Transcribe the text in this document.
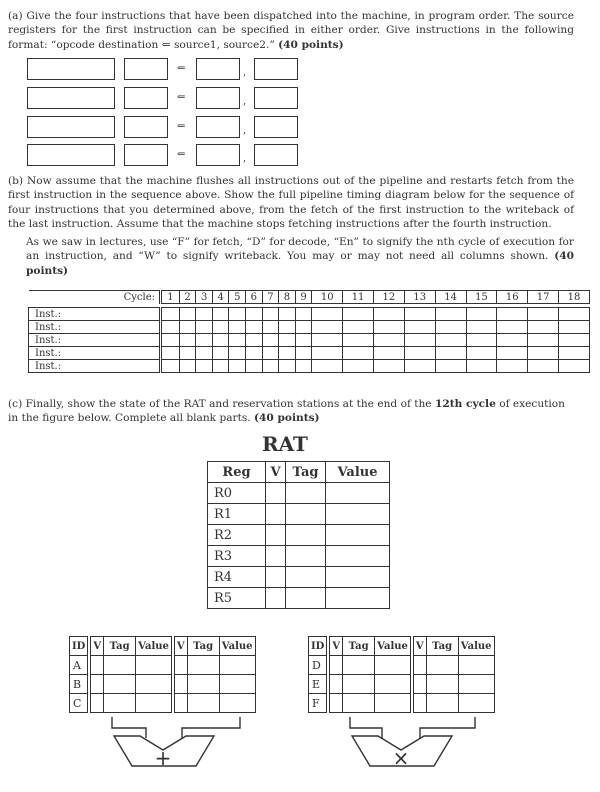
(a) Give the four instructions that have been dispatched into the machine, in program order. The source registers for the first instruction can be specified in either order. Give instructions in the following format: “opcode destination ⇐ source1, source2.” (40 points)

⇐	,
⇐	,
⇐	,
⇐	,

(b) Now assume that the machine flushes all instructions out of the pipeline and restarts fetch from the first instruction in the sequence above. Show the full pipeline timing diagram below for the sequence of four instructions that you determined above, from the fetch of the first instruction to the writeback of the last instruction. Assume that the machine stops fetching instructions after the fourth instruction.

As we saw in lectures, use “F” for fetch, “D” for decode, “En” to signify the nth cycle of execution for an instruction, and “W” to signify writeback. You may or may not need all columns shown. (40 points)

Cycle:	1	2	3	4	5	6	7	8	9	10	11	12	13	14	15	16	17	18

Inst.:																		
Inst.:																		
Inst.:																		
Inst.:																		
Inst.:																		

(c) Finally, show the state of the RAT and reservation stations at the end of the 12th cycle of execution in the figure below. Complete all blank parts. (40 points)

RAT
Reg	V	Tag	Value
R0			
R1			
R2			
R3			
R4			
R5			
ID	V	Tag	Value	V	Tag	Value
A						
B						
C						
ID	V	Tag	Value	V	Tag	Value
D						
E						
F						
+	×
